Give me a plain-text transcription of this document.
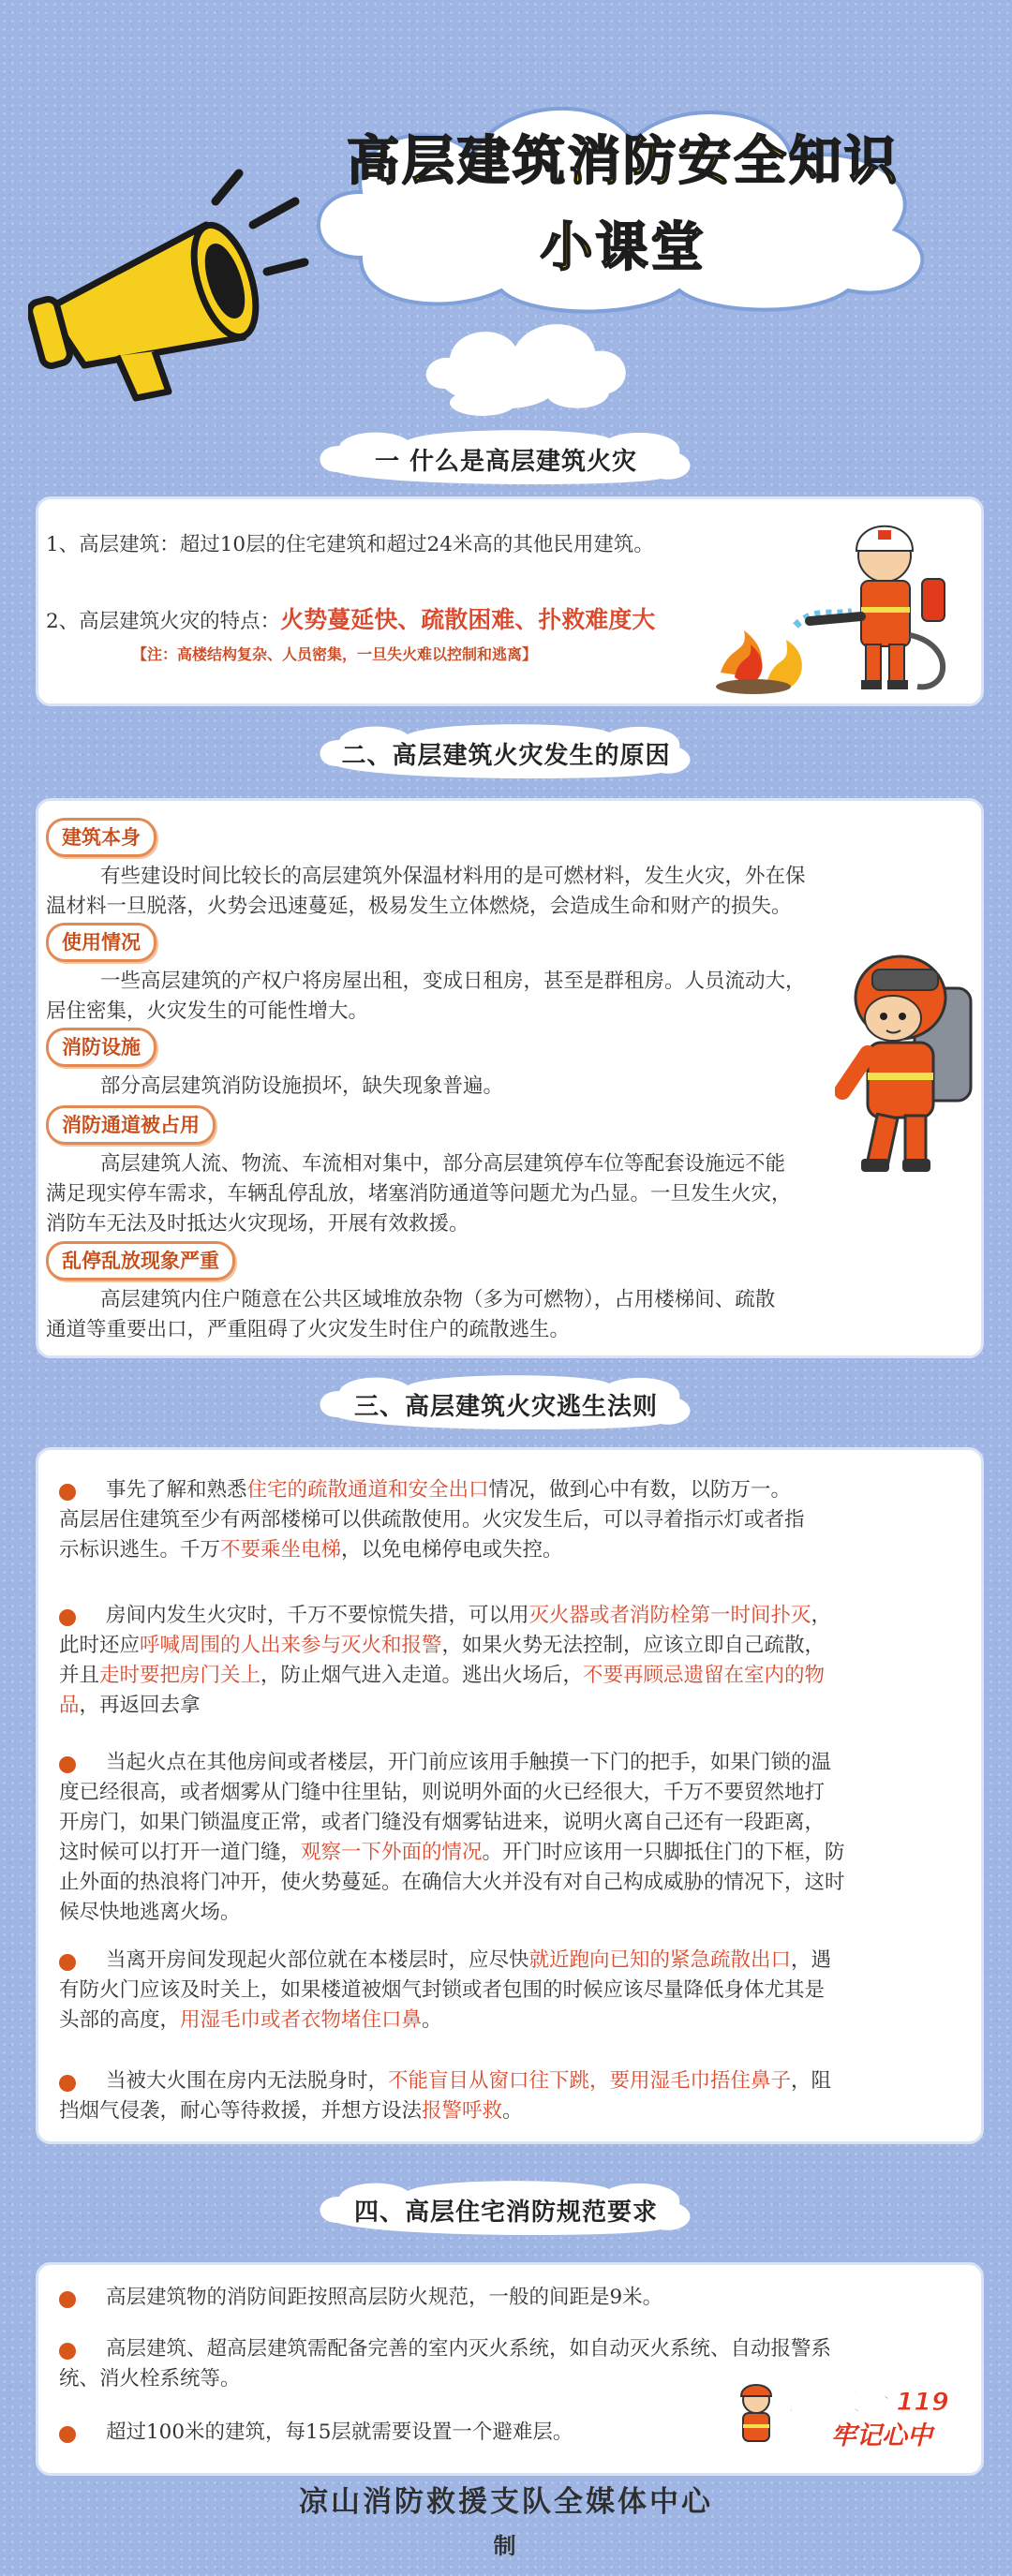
高层建筑消防安全知识
小课堂
一 什么是高层建筑火灾
1、高层建筑：超过10层的住宅建筑和超过24米高的其他民用建筑。
2、高层建筑火灾的特点：火势蔓延快、疏散困难、扑救难度大
【注：高楼结构复杂、人员密集，一旦失火难以控制和逃离】
二、高层建筑火灾发生的原因
建筑本身
有些建设时间比较长的高层建筑外保温材料用的是可燃材料，发生火灾，外在保
温材料一旦脱落，火势会迅速蔓延，极易发生立体燃烧，会造成生命和财产的损失。
使用情况
一些高层建筑的产权户将房屋出租，变成日租房，甚至是群租房。人员流动大，
居住密集，火灾发生的可能性增大。
消防设施
部分高层建筑消防设施损坏，缺失现象普遍。
消防通道被占用
高层建筑人流、物流、车流相对集中，部分高层建筑停车位等配套设施远不能
满足现实停车需求，车辆乱停乱放，堵塞消防通道等问题尤为凸显。一旦发生火灾，
消防车无法及时抵达火灾现场，开展有效救援。
乱停乱放现象严重
高层建筑内住户随意在公共区域堆放杂物（多为可燃物），占用楼梯间、疏散
通道等重要出口，严重阻碍了火灾发生时住户的疏散逃生。
三、高层建筑火灾逃生法则
事先了解和熟悉住宅的疏散通道和安全出口情况，做到心中有数，以防万一。
高层居住建筑至少有两部楼梯可以供疏散使用。火灾发生后，可以寻着指示灯或者指
示标识逃生。千万不要乘坐电梯，以免电梯停电或失控。
房间内发生火灾时，千万不要惊慌失措，可以用灭火器或者消防栓第一时间扑灭，
此时还应呼喊周围的人出来参与灭火和报警，如果火势无法控制，应该立即自己疏散，
并且走时要把房门关上，防止烟气进入走道。逃出火场后，不要再顾忌遗留在室内的物
品，再返回去拿
当起火点在其他房间或者楼层，开门前应该用手触摸一下门的把手，如果门锁的温
度已经很高，或者烟雾从门缝中往里钻，则说明外面的火已经很大，千万不要贸然地打
开房门，如果门锁温度正常，或者门缝没有烟雾钻进来，说明火离自己还有一段距离，
这时候可以打开一道门缝，观察一下外面的情况。开门时应该用一只脚抵住门的下框，防
止外面的热浪将门冲开，使火势蔓延。在确信大火并没有对自己构成威胁的情况下，这时
候尽快地逃离火场。
当离开房间发现起火部位就在本楼层时，应尽快就近跑向已知的紧急疏散出口，遇
有防火门应该及时关上，如果楼道被烟气封锁或者包围的时候应该尽量降低身体尤其是
头部的高度，用湿毛巾或者衣物堵住口鼻。
当被大火围在房内无法脱身时，不能盲目从窗口往下跳，要用湿毛巾捂住鼻子，阻
挡烟气侵袭，耐心等待救援，并想方设法报警呼救。
四、高层住宅消防规范要求
高层建筑物的消防间距按照高层防火规范，一般的间距是9米。
高层建筑、超高层建筑需配备完善的室内灭火系统，如自动灭火系统、自动报警系
统、消火栓系统等。
超过100米的建筑，每15层就需要设置一个避难层。
消防安全 119
牢记心中
凉山消防救援支队全媒体中心
制
